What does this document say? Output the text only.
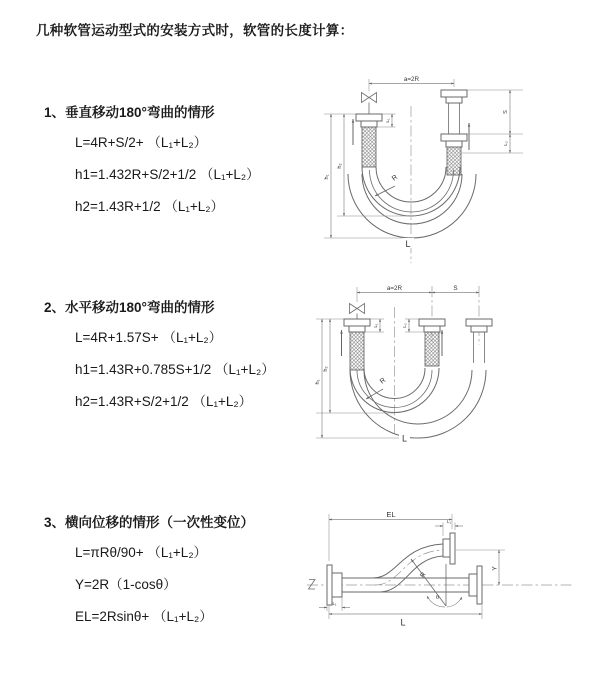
几种软管运动型式的安装方式时，软管的长度计算：
1、垂直移动180°弯曲的情形
L=4R+S/2+ （L₁+L₂）
h1=1.432R+S/2+1/2 （L₁+L₂）
h2=1.43R+1/2 （L₁+L₂）
2、水平移动180°弯曲的情形
L=4R+1.57S+ （L₁+L₂）
h1=1.43R+0.785S+1/2 （L₁+L₂）
h2=1.43R+S/2+1/2 （L₁+L₂）
3、横向位移的情形（一次性变位）
L=πRθ/90+ （L₁+L₂）
Y=2R（1-cosθ）
EL=2Rsinθ+ （L₁+L₂）
a=2R
L₁
S
L₂
h₂
h₁	R
L
a=2R	S
L₁	L₂
h₂
h₁	R
L
EL
L₁
Y
R
θ
L
L₁
